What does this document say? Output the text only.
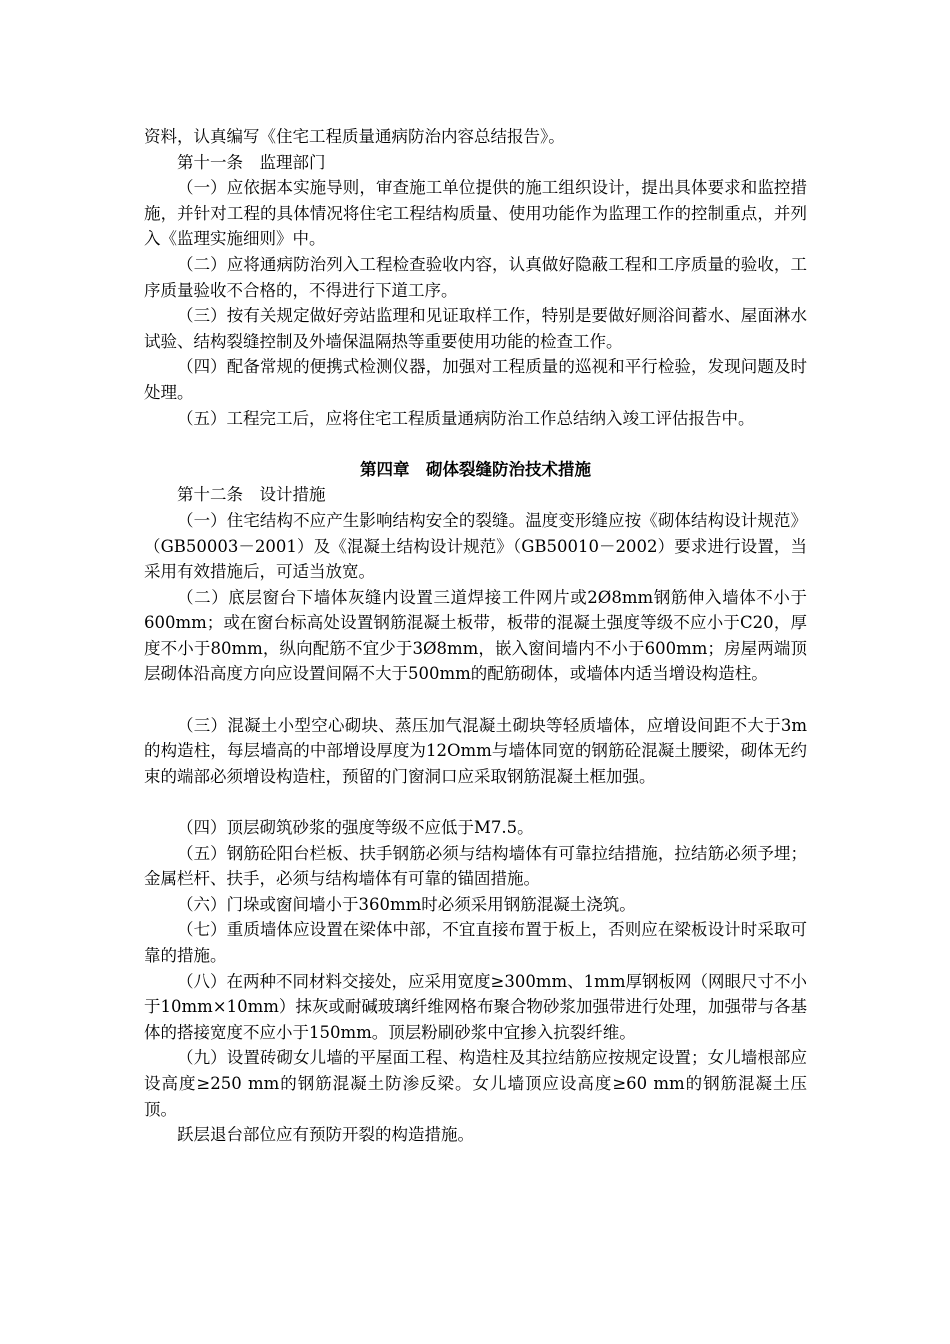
资料，认真编写《住宅工程质量通病防治内容总结报告》。

第十一条　监理部门

（一）应依据本实施导则，审查施工单位提供的施工组织设计，提出具体要求和监控措施，并针对工程的具体情况将住宅工程结构质量、使用功能作为监理工作的控制重点，并列入《监理实施细则》中。

（二）应将通病防治列入工程检查验收内容，认真做好隐蔽工程和工序质量的验收，工序质量验收不合格的，不得进行下道工序。

（三）按有关规定做好旁站监理和见证取样工作，特别是要做好厕浴间蓄水、屋面淋水试验、结构裂缝控制及外墙保温隔热等重要使用功能的检查工作。

（四）配备常规的便携式检测仪器，加强对工程质量的巡视和平行检验，发现问题及时处理。

（五）工程完工后，应将住宅工程质量通病防治工作总结纳入竣工评估报告中。

第四章　砌体裂缝防治技术措施

第十二条　设计措施

（一）住宅结构不应产生影响结构安全的裂缝。温度变形缝应按《砌体结构设计规范》（GB50003－2001）及《混凝土结构设计规范》（GB50010－2002）要求进行设置，当采用有效措施后，可适当放宽。

（二）底层窗台下墙体灰缝内设置三道焊接工件网片或2Ø8mm钢筋伸入墙体不小于600mm；或在窗台标高处设置钢筋混凝土板带，板带的混凝土强度等级不应小于C20，厚度不小于80mm，纵向配筋不宜少于3Ø8mm，嵌入窗间墙内不小于600mm；房屋两端顶层砌体沿高度方向应设置间隔不大于500mm的配筋砌体，或墙体内适当增设构造柱。

（三）混凝土小型空心砌块、蒸压加气混凝土砌块等轻质墙体，应增设间距不大于3m的构造柱，每层墙高的中部增设厚度为12Omm与墙体同宽的钢筋砼混凝土腰梁，砌体无约束的端部必须增设构造柱，预留的门窗洞口应采取钢筋混凝土框加强。

（四）顶层砌筑砂浆的强度等级不应低于M7.5。

（五）钢筋砼阳台栏板、扶手钢筋必须与结构墙体有可靠拉结措施，拉结筋必须予埋；金属栏杆、扶手，必须与结构墙体有可靠的锚固措施。

（六）门垛或窗间墙小于360mm时必须采用钢筋混凝土浇筑。

（七）重质墙体应设置在梁体中部，不宜直接布置于板上，否则应在梁板设计时采取可靠的措施。

（八）在两种不同材料交接处，应采用宽度≥300mm、1mm厚钢板网（网眼尺寸不小于10mm×10mm）抹灰或耐碱玻璃纤维网格布聚合物砂浆加强带进行处理，加强带与各基体的搭接宽度不应小于150mm。顶层粉刷砂浆中宜掺入抗裂纤维。

（九）设置砖砌女儿墙的平屋面工程、构造柱及其拉结筋应按规定设置；女儿墙根部应设高度≥250 mm的钢筋混凝土防渗反梁。女儿墙顶应设高度≥60 mm的钢筋混凝土压顶。

跃层退台部位应有预防开裂的构造措施。
